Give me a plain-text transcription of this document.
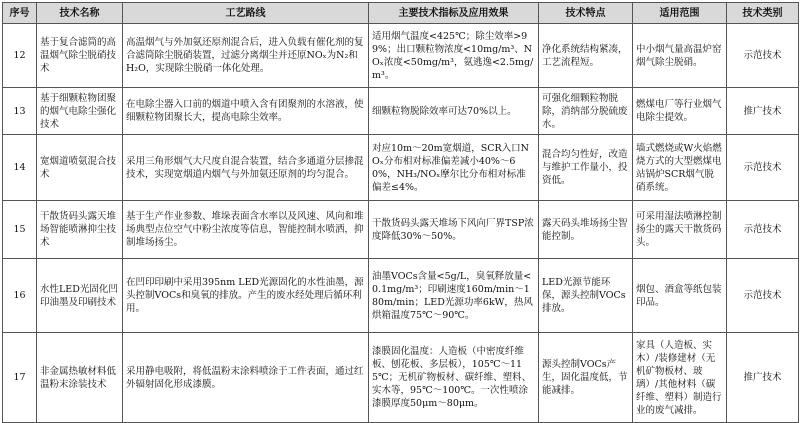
序号	技术名称	工艺路线	主要技术指标及应用效果	技术特点	适用范围	技术类别
12	基于复合滤筒的高温烟气除尘脱硝技术	高温烟气与外加氨还原剂混合后，进入负载有催化剂的复合滤筒除尘脱硝装置，过滤分离烟尘并还原NOₓ为N₂和H₂O，实现除尘脱硝一体化处理。	适用烟气温度<425℃；除尘效率>99%；出口颗粒物浓度<10mg/m³、NOₓ浓度<50mg/m³，氨逃逸<2.5mg/m³。	净化系统结构紧凑，工艺流程短。	中小烟气量高温炉窑烟气除尘脱硝。	示范技术
13	基于细颗粒物团聚的烟气电除尘强化技术	在电除尘器入口前的烟道中喷入含有团聚剂的水溶液，使细颗粒物团聚长大，提高电除尘效率。	细颗粒物脱除效率可达70%以上。	可强化细颗粒物脱除，消纳部分脱硫废水。	燃煤电厂等行业烟气电除尘提效。	推广技术
14	宽烟道喷氨混合技术	采用三角形烟气大尺度自混合装置，结合多通道分层掺混技术，实现宽烟道内烟气与外加氨还原剂的均匀混合。	对应10m～20m宽烟道，SCR入口NOₓ分布相对标准偏差减小40%～60%，NH₃/NOₓ摩尔比分布相对标准偏差≤4%。	混合均匀性好，改造与维护工作量小，投资低。	墙式燃烧或W火焰燃烧方式的大型燃煤电站锅炉SCR烟气脱硝系统。	示范技术
15	干散货码头露天堆场智能喷淋抑尘技术	基于生产作业参数、堆垛表面含水率以及风速、风向和堆场典型点位空气中粉尘浓度等信息，智能控制水喷洒，抑制堆场扬尘。	干散货码头露天堆场下风向厂界TSP浓度降低30%～50%。	露天码头堆场扬尘智能控制。	可采用湿法喷淋控制扬尘的露天干散货码头。	示范技术
16	水性LED光固化凹印油墨及印刷技术	在凹印印刷中采用395nm LED光源固化的水性油墨，源头控制VOCs和臭氧的排放。产生的废水经处理后循环利用。	油墨VOCs含量<5g/L，臭氧释放量<0.1mg/m³；印刷速度160m/min～180m/min；LED光源功率6kW，热风烘箱温度75℃～90℃。	LED光源节能环保，源头控制VOCs排放。	烟包、酒盒等纸包装印品。	示范技术
17	非金属热敏材料低温粉末涂装技术	采用静电吸附，将低温粉末涂料喷涂于工件表面，通过红外辐射固化形成漆膜。	漆膜固化温度：人造板（中密度纤维板、刨花板、多层板），105℃～115℃；无机矿物板材、碳纤维、塑料、实木等，95℃～100℃。一次性喷涂漆膜厚度50μm～80μm。	源头控制VOCs产生，固化温度低，节能减排。	家具（人造板、实木）/装修建材（无机矿物板材、玻璃）/其他材料（碳纤维、塑料）制造行业的废气减排。	推广技术
